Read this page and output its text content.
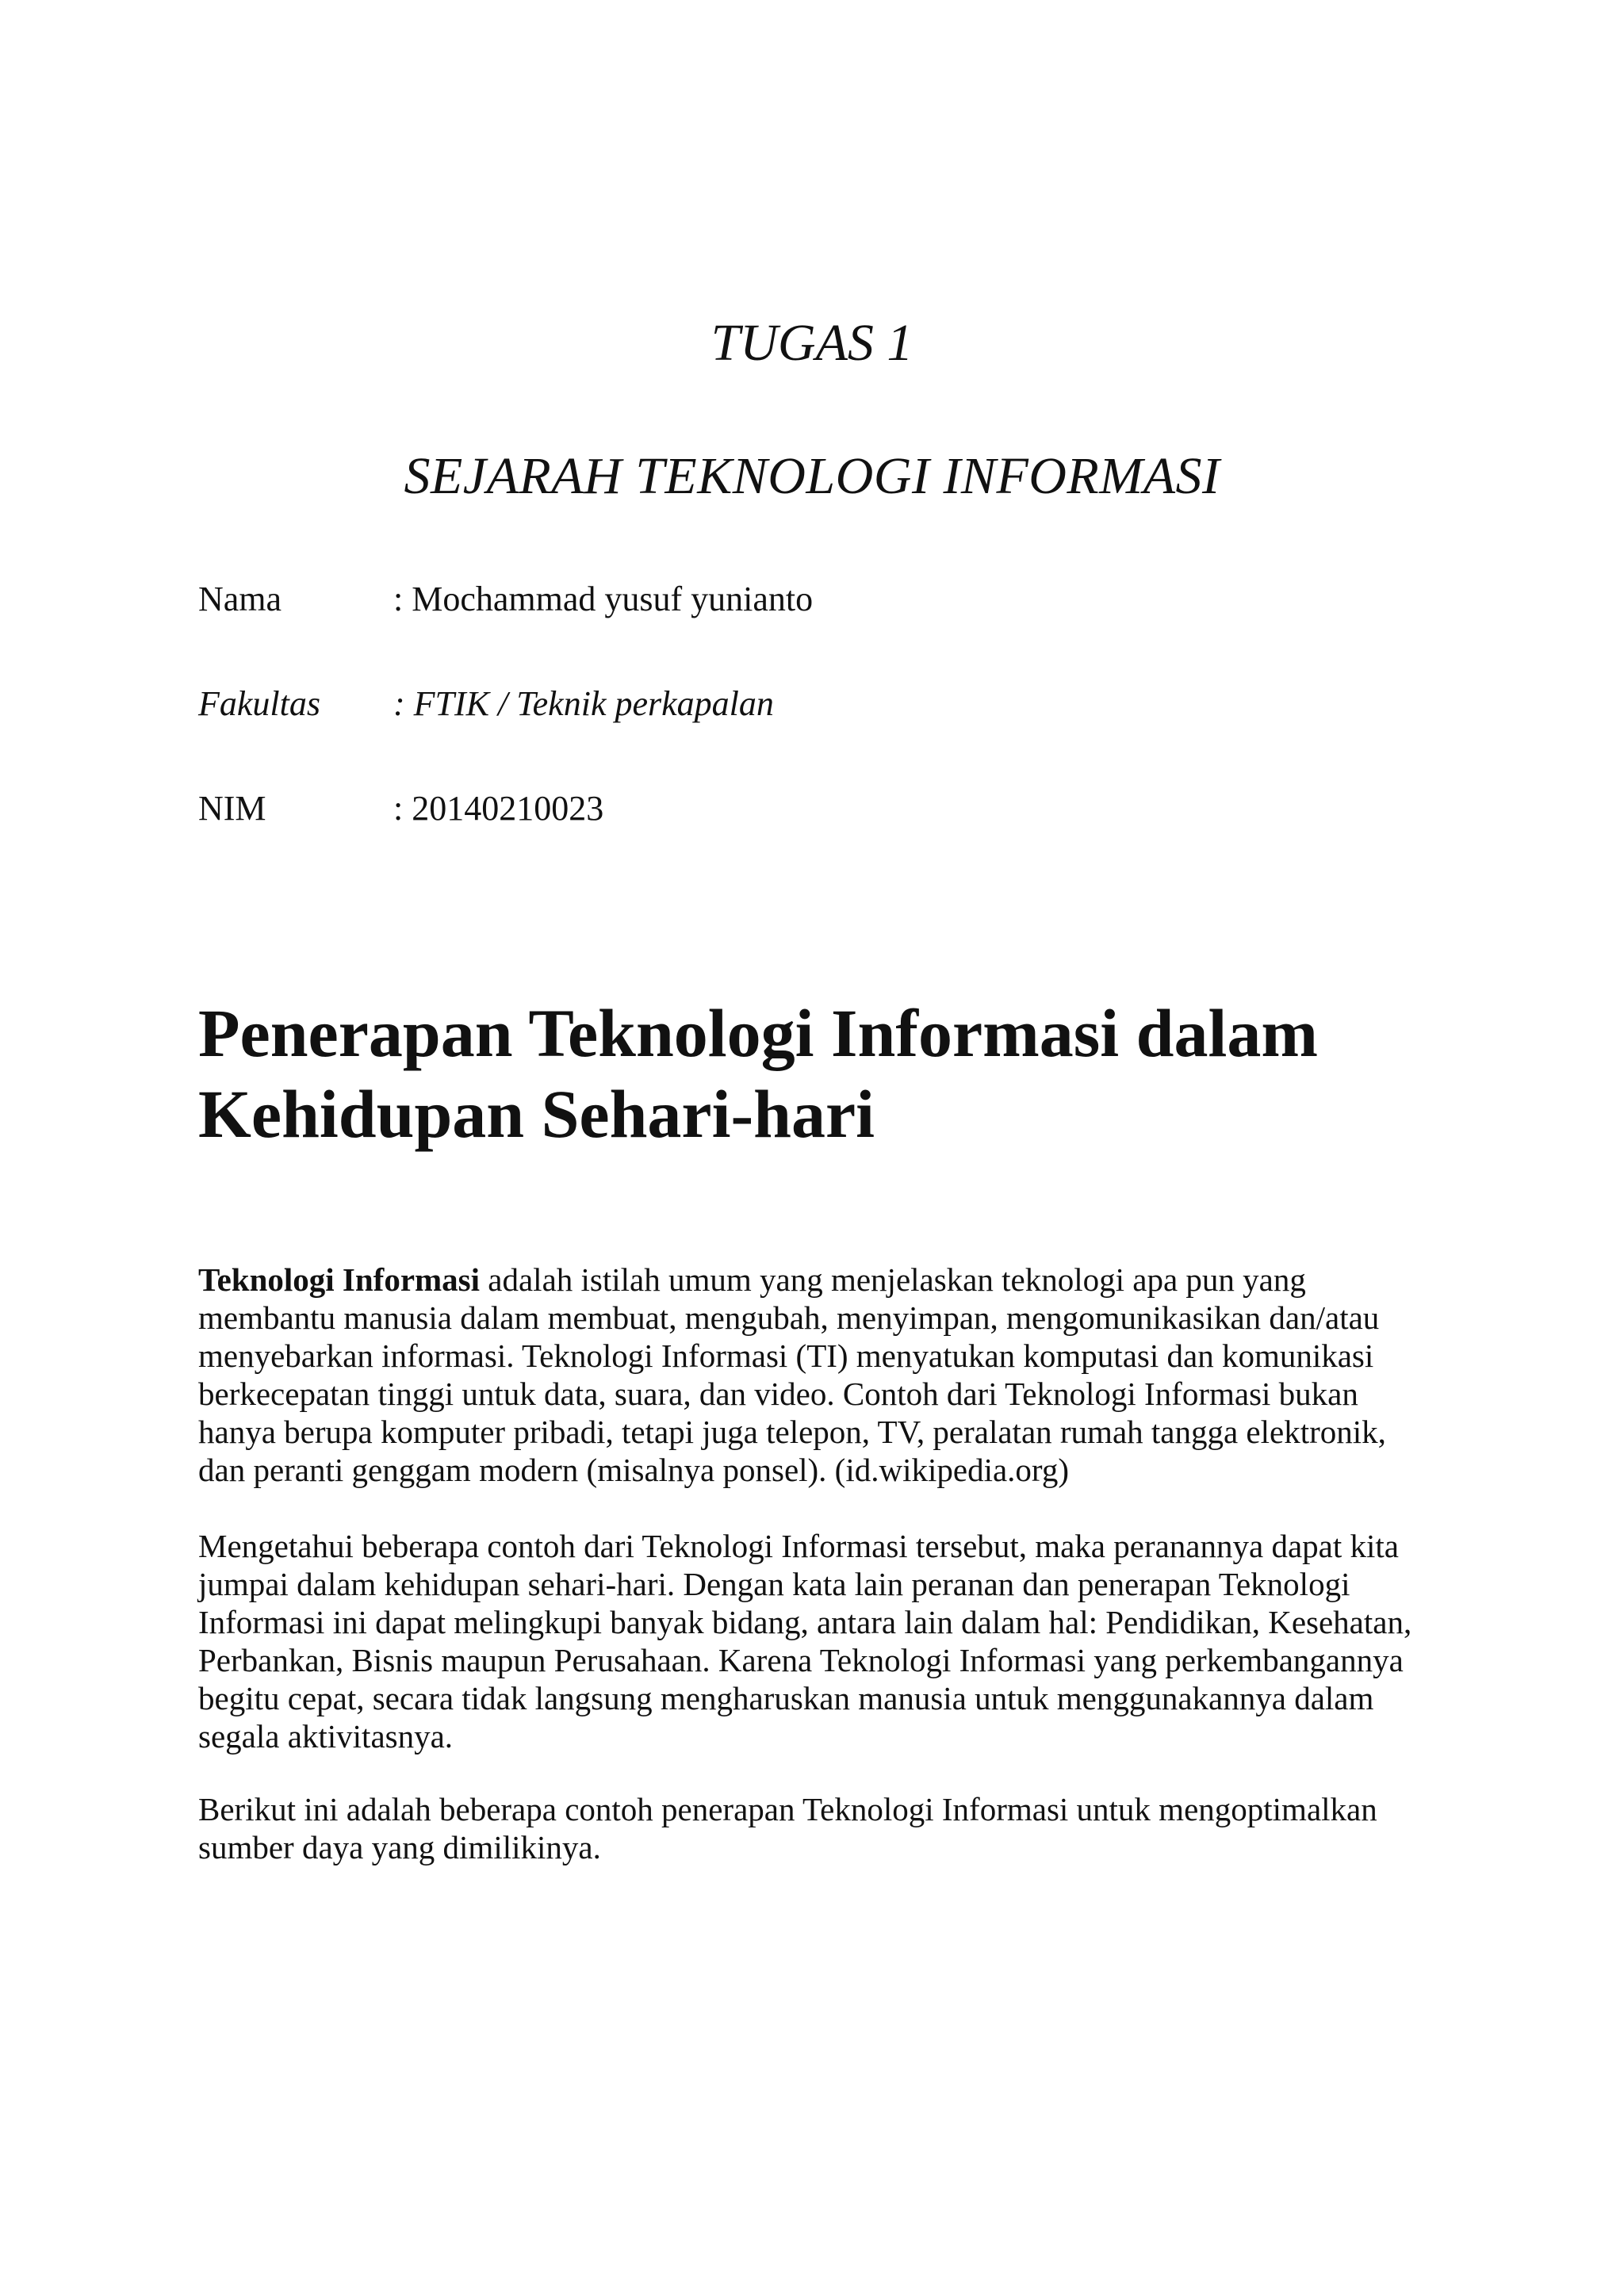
TUGAS 1
SEJARAH TEKNOLOGI INFORMASI
Nama	: Mochammad yusuf yunianto
Fakultas : FTIK / Teknik perkapalan
NIM	: 20140210023
Penerapan Teknologi Informasi dalam
Kehidupan Sehari-hari

Teknologi Informasi adalah istilah umum yang menjelaskan teknologi apa pun yang
membantu manusia dalam membuat, mengubah, menyimpan, mengomunikasikan dan/atau
menyebarkan informasi. Teknologi Informasi (TI) menyatukan komputasi dan komunikasi
berkecepatan tinggi untuk data, suara, dan video. Contoh dari Teknologi Informasi bukan
hanya berupa komputer pribadi, tetapi juga telepon, TV, peralatan rumah tangga elektronik,
dan peranti genggam modern (misalnya ponsel). (id.wikipedia.org)

Mengetahui beberapa contoh dari Teknologi Informasi tersebut, maka peranannya dapat kita
jumpai dalam kehidupan sehari-hari. Dengan kata lain peranan dan penerapan Teknologi
Informasi ini dapat melingkupi banyak bidang, antara lain dalam hal: Pendidikan, Kesehatan,
Perbankan, Bisnis maupun Perusahaan. Karena Teknologi Informasi yang perkembangannya
begitu cepat, secara tidak langsung mengharuskan manusia untuk menggunakannya dalam
segala aktivitasnya.

Berikut ini adalah beberapa contoh penerapan Teknologi Informasi untuk mengoptimalkan
sumber daya yang dimilikinya.
